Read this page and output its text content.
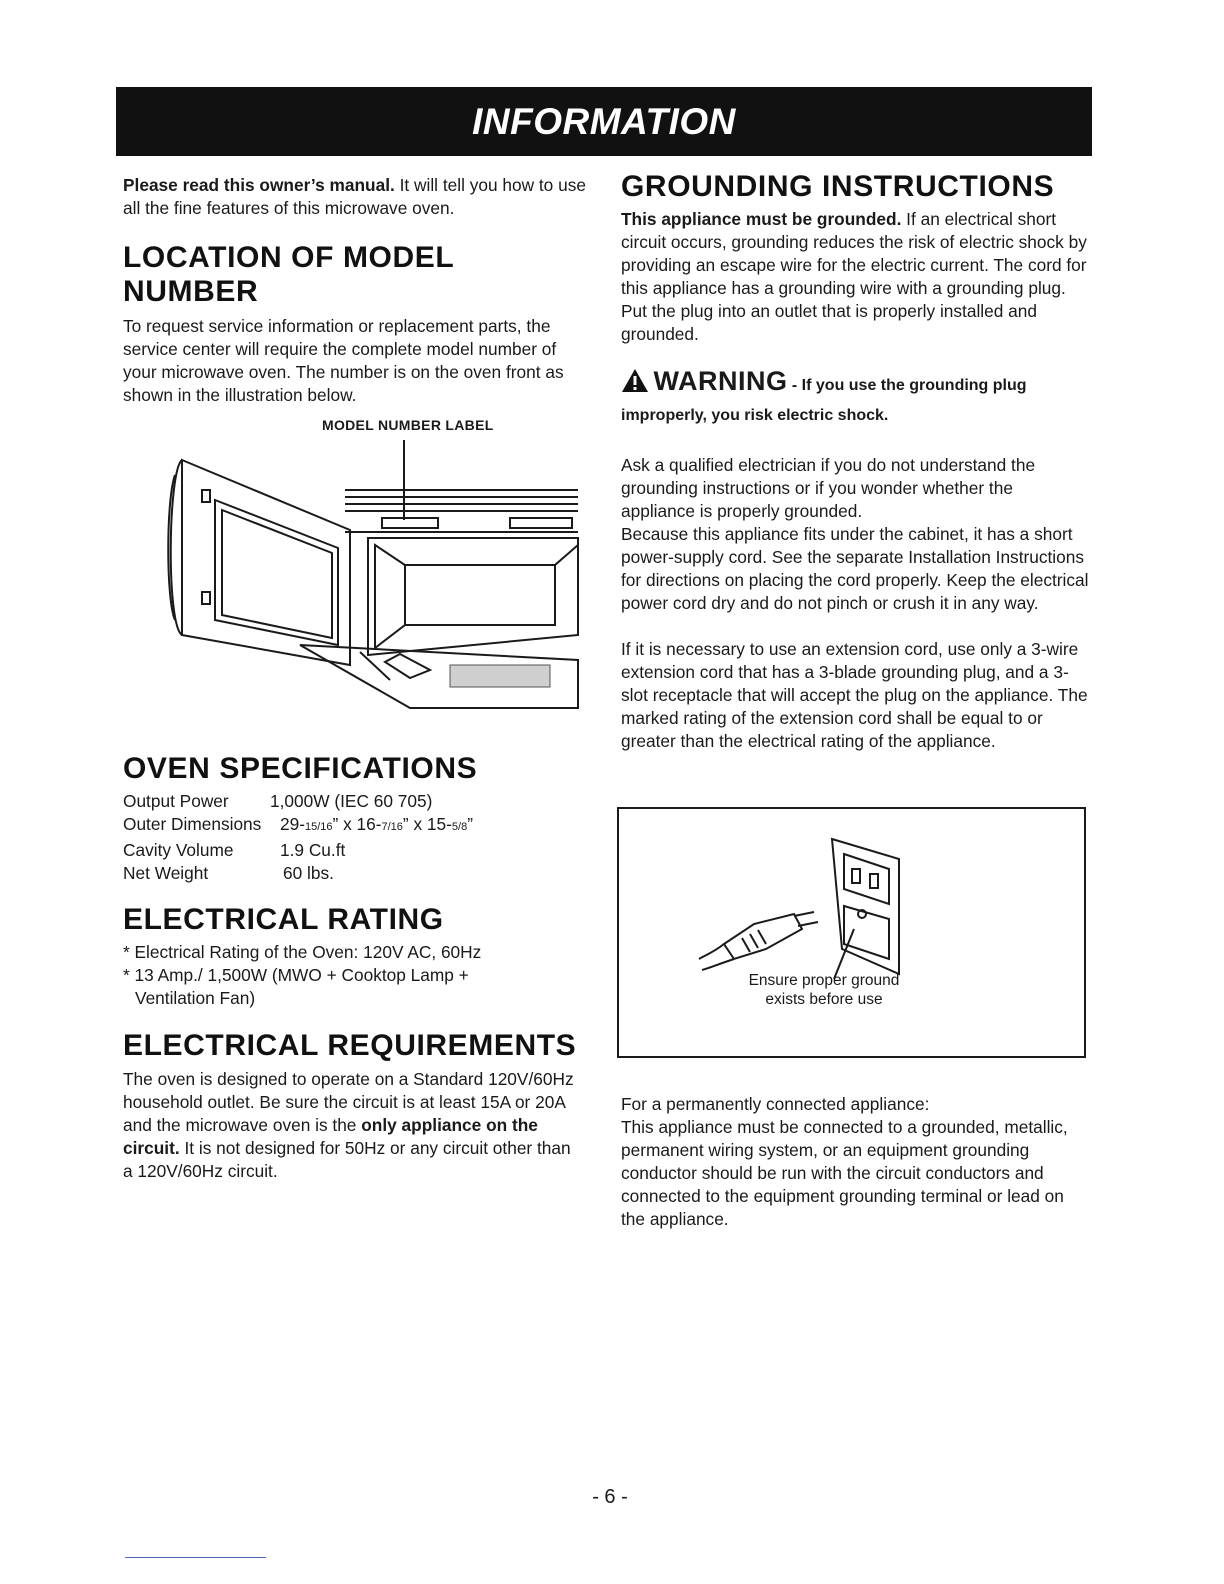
INFORMATION

Please read this owner’s manual. It will tell you how to use all the fine features of this microwave oven.

LOCATION OF MODEL NUMBER

To request service information or replacement parts, the service center will require the complete model number of your microwave oven. The number is on the oven front as shown in the illustration below.

MODEL NUMBER LABEL
OVEN SPECIFICATIONS
Output Power	1,000W (IEC 60 705)
Outer Dimensions	29-15/16” x 16-7/16” x 15-5/8”
Cavity Volume	1.9 Cu.ft
Net Weight	60 lbs.
ELECTRICAL RATING
* Electrical Rating of the Oven: 120V AC, 60Hz
* 13 Amp./ 1,500W (MWO + Cooktop Lamp +
Ventilation Fan)
ELECTRICAL REQUIREMENTS

The oven is designed to operate on a Standard 120V/60Hz household outlet. Be sure the circuit is at least 15A or 20A and the microwave oven is the only appliance on the circuit. It is not designed for 50Hz or any circuit other than a 120V/60Hz circuit.

GROUNDING INSTRUCTIONS

This appliance must be grounded. If an electrical short circuit occurs, grounding reduces the risk of electric shock by providing an escape wire for the electric current. The cord for this appliance has a grounding wire with a grounding plug. Put the plug into an outlet that is properly installed and grounded.

WARNING - If you use the grounding plug improperly, you risk electric shock.

Ask a qualified electrician if you do not understand the grounding instructions or if you wonder whether the appliance is properly grounded.

Because this appliance fits under the cabinet, it has a short power-supply cord. See the separate Installation Instructions for directions on placing the cord properly. Keep the electrical power cord dry and do not pinch or crush it in any way.

If it is necessary to use an extension cord, use only a 3-wire extension cord that has a 3-blade grounding plug, and a 3-slot receptacle that will accept the plug on the appliance. The marked rating of the extension cord shall be equal to or greater than the electrical rating of the appliance.

Ensure proper ground
exists before use

For a permanently connected appliance:

This appliance must be connected to a grounded, metallic, permanent wiring system, or an equipment grounding conductor should be run with the circuit conductors and connected to the equipment grounding terminal or lead on the appliance.

- 6 -
